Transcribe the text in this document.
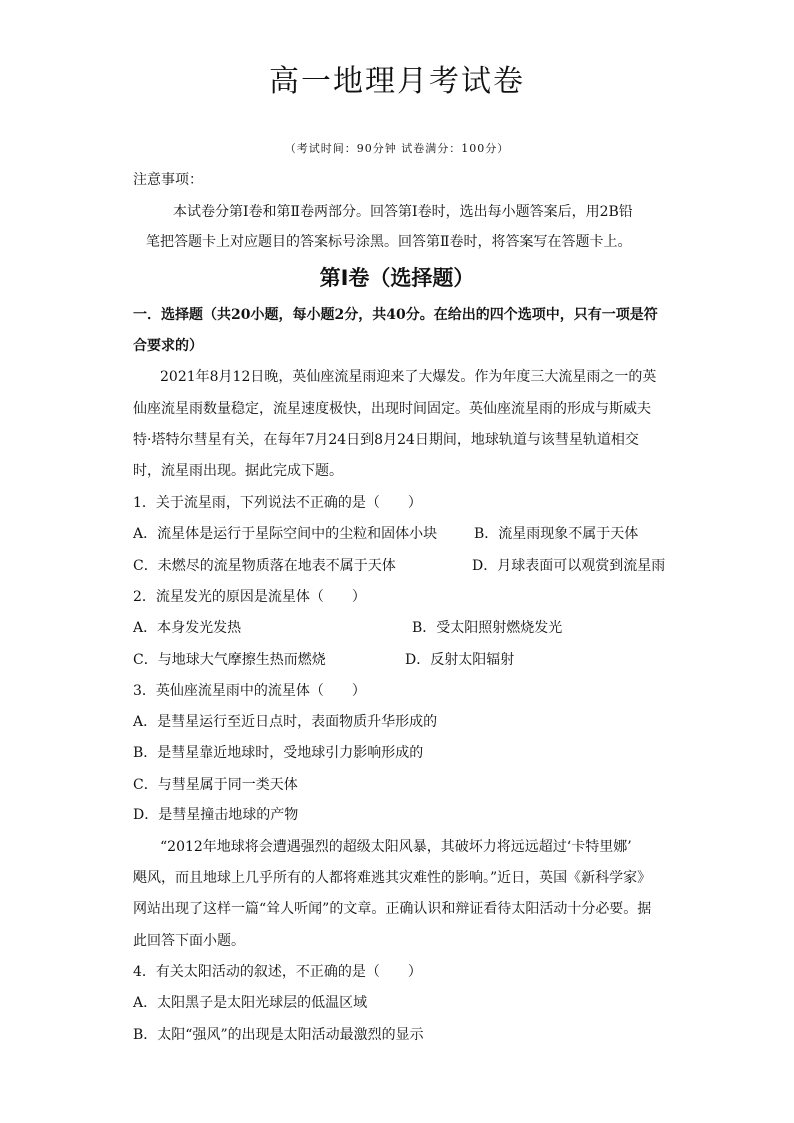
高一地理月考试卷
（考试时间：90分钟 试卷满分：100分）
注意事项：
本试卷分第Ⅰ卷和第Ⅱ卷两部分。回答第Ⅰ卷时，选出每小题答案后，用2B铅
笔把答题卡上对应题目的答案标号涂黑。回答第Ⅱ卷时，将答案写在答题卡上。
第Ⅰ卷（选择题）
一．选择题（共20小题，每小题2分，共40分。在给出的四个选项中，只有一项是符
合要求的）
2021年8月12日晚，英仙座流星雨迎来了大爆发。作为年度三大流星雨之一的英
仙座流星雨数量稳定，流星速度极快，出现时间固定。英仙座流星雨的形成与斯威夫
特·塔特尔彗星有关，在每年7月24日到8月24日期间，地球轨道与该彗星轨道相交
时，流星雨出现。据此完成下题。
1．关于流星雨，下列说法不正确的是（　　）
A．流星体是运行于星际空间中的尘粒和固体小块	B．流星雨现象不属于天体
C．未燃尽的流星物质落在地表不属于天体	D．月球表面可以观赏到流星雨
2．流星发光的原因是流星体（　　）
A．本身发光发热	B．受太阳照射燃烧发光
C．与地球大气摩擦生热而燃烧	D．反射太阳辐射
3．英仙座流星雨中的流星体（　　）
A．是彗星运行至近日点时，表面物质升华形成的
B．是彗星靠近地球时，受地球引力影响形成的
C．与彗星属于同一类天体
D．是彗星撞击地球的产物
“2012年地球将会遭遇强烈的超级太阳风暴，其破坏力将远远超过‘卡特里娜’
飓风，而且地球上几乎所有的人都将难逃其灾难性的影响。”近日，英国《新科学家》
网站出现了这样一篇“耸人听闻”的文章。正确认识和辩证看待太阳活动十分必要。据
此回答下面小题。
4．有关太阳活动的叙述，不正确的是（　　）
A．太阳黑子是太阳光球层的低温区域
B．太阳“强风”的出现是太阳活动最激烈的显示
